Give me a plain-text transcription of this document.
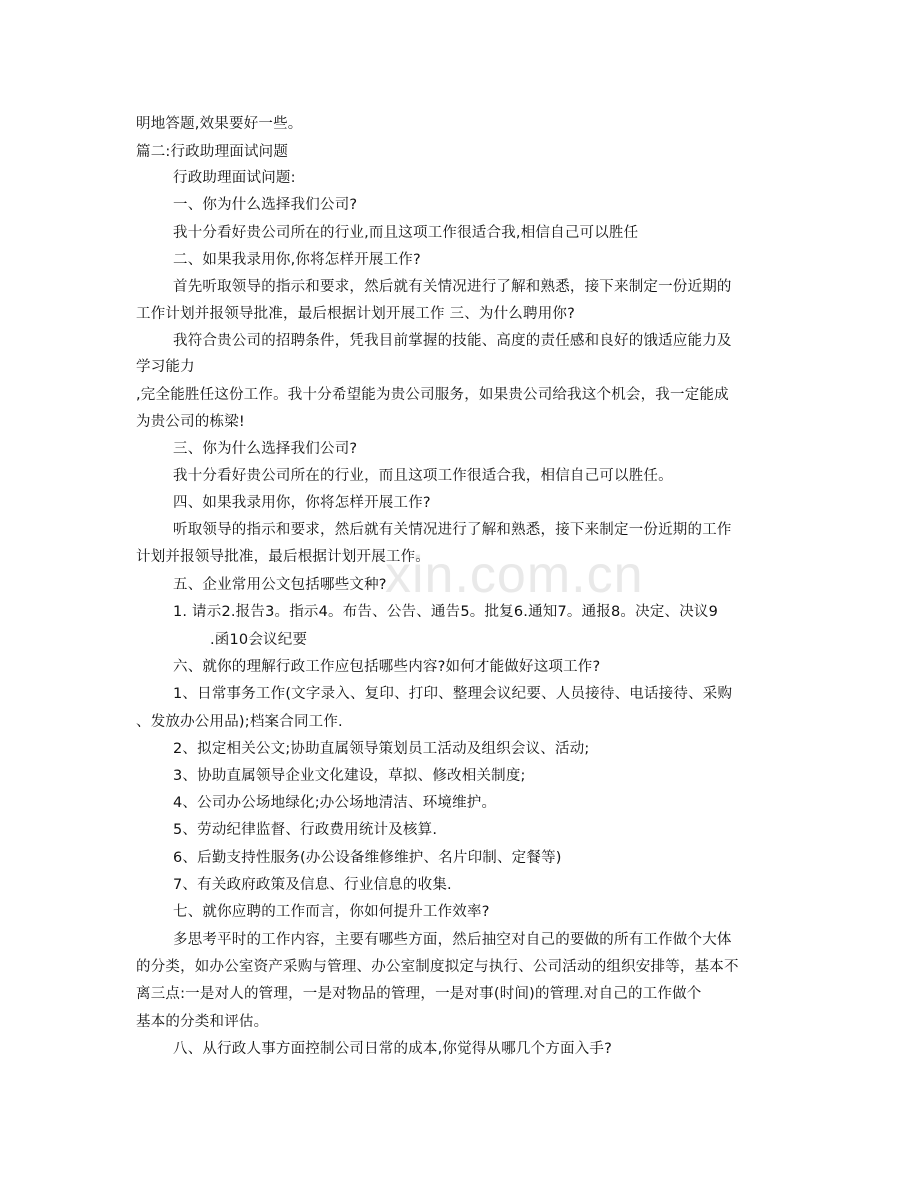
xin.com.cn
明地答题,效果要好一些。
篇二:行政助理面试问题
行政助理面试问题:
一、你为什么选择我们公司?
我十分看好贵公司所在的行业,而且这项工作很适合我,相信自己可以胜任
二、如果我录用你,你将怎样开展工作?
首先听取领导的指示和要求，然后就有关情况进行了解和熟悉，接下来制定一份近期的
工作计划并报领导批准，最后根据计划开展工作 三、为什么聘用你?
我符合贵公司的招聘条件，凭我目前掌握的技能、高度的责任感和良好的饿适应能力及
学习能力
,完全能胜任这份工作。我十分希望能为贵公司服务，如果贵公司给我这个机会，我一定能成
为贵公司的栋梁!
三、你为什么选择我们公司?
我十分看好贵公司所在的行业，而且这项工作很适合我，相信自己可以胜任。
四、如果我录用你，你将怎样开展工作?
听取领导的指示和要求，然后就有关情况进行了解和熟悉，接下来制定一份近期的工作
计划并报领导批准，最后根据计划开展工作。
五、企业常用公文包括哪些文种?
1. 请示2.报告3。指示4。布告、公告、通告5。批复6.通知7。通报8。决定、决议9
.函10会议纪要
六、就你的理解行政工作应包括哪些内容?如何才能做好这项工作?
1、日常事务工作(文字录入、复印、打印、整理会议纪要、人员接待、电话接待、采购
、发放办公用品);档案合同工作.
2、拟定相关公文;协助直属领导策划员工活动及组织会议、活动;
3、协助直属领导企业文化建设，草拟、修改相关制度;
4、公司办公场地绿化;办公场地清洁、环境维护。
5、劳动纪律监督、行政费用统计及核算.
6、后勤支持性服务(办公设备维修维护、名片印制、定餐等)
7、有关政府政策及信息、行业信息的收集.
七、就你应聘的工作而言，你如何提升工作效率?
多思考平时的工作内容，主要有哪些方面，然后抽空对自己的要做的所有工作做个大体
的分类，如办公室资产采购与管理、办公室制度拟定与执行、公司活动的组织安排等，基本不
离三点:一是对人的管理，一是对物品的管理，一是对事(时间)的管理.对自己的工作做个
基本的分类和评估。
八、从行政人事方面控制公司日常的成本,你觉得从哪几个方面入手?
